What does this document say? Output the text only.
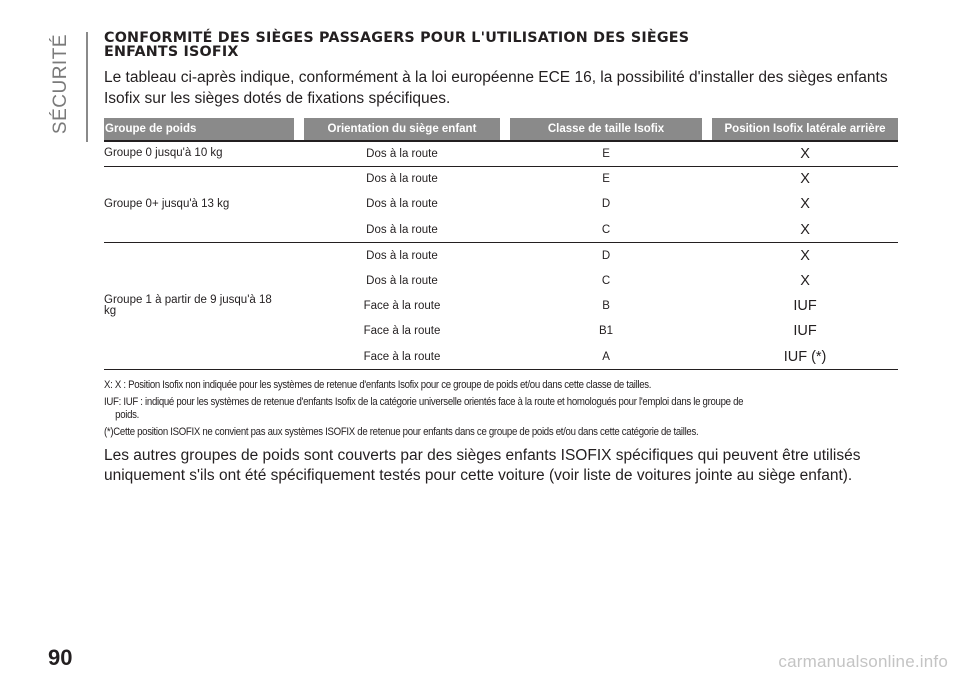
SÉCURITÉ CONFORMITÉ DES SIÈGES PASSAGERS POUR L'UTILISATION DES SIÈGES
ENFANTS ISOFIX

Le tableau ci-après indique, conformément à la loi européenne ECE 16, la possibilité d'installer des sièges enfants Isofix sur les sièges dotés de fixations spécifiques.

Groupe de poids		Orientation du siège enfant		Classe de taille Isofix		Position Isofix latérale arrière
Groupe 0 jusqu'à 10 kg		Dos à la route		E		X
Groupe 0+ jusqu'à 13 kg		Dos à la route		E		X
		Dos à la route		D		X
		Dos à la route		C		X
Groupe 1 à partir de 9 jusqu'à 18 kg		Dos à la route		D		X
		Dos à la route		C		X
		Face à la route		B		IUF
		Face à la route		B1		IUF
		Face à la route		A		IUF (*)

X: X : Position Isofix non indiquée pour les systèmes de retenue d'enfants Isofix pour ce groupe de poids et/ou dans cette classe de tailles.

IUF: IUF : indiqué pour les systèmes de retenue d'enfants Isofix de la catégorie universelle orientés face à la route et homologués pour l'emploi dans le groupe de
poids.

(*)Cette position ISOFIX ne convient pas aux systèmes ISOFIX de retenue pour enfants dans ce groupe de poids et/ou dans cette catégorie de tailles.

Les autres groupes de poids sont couverts par des sièges enfants ISOFIX spécifiques qui peuvent être utilisés uniquement s'ils ont été spécifiquement testés pour cette voiture (voir liste de voitures jointe au siège enfant).

90	carmanualsonline.info
